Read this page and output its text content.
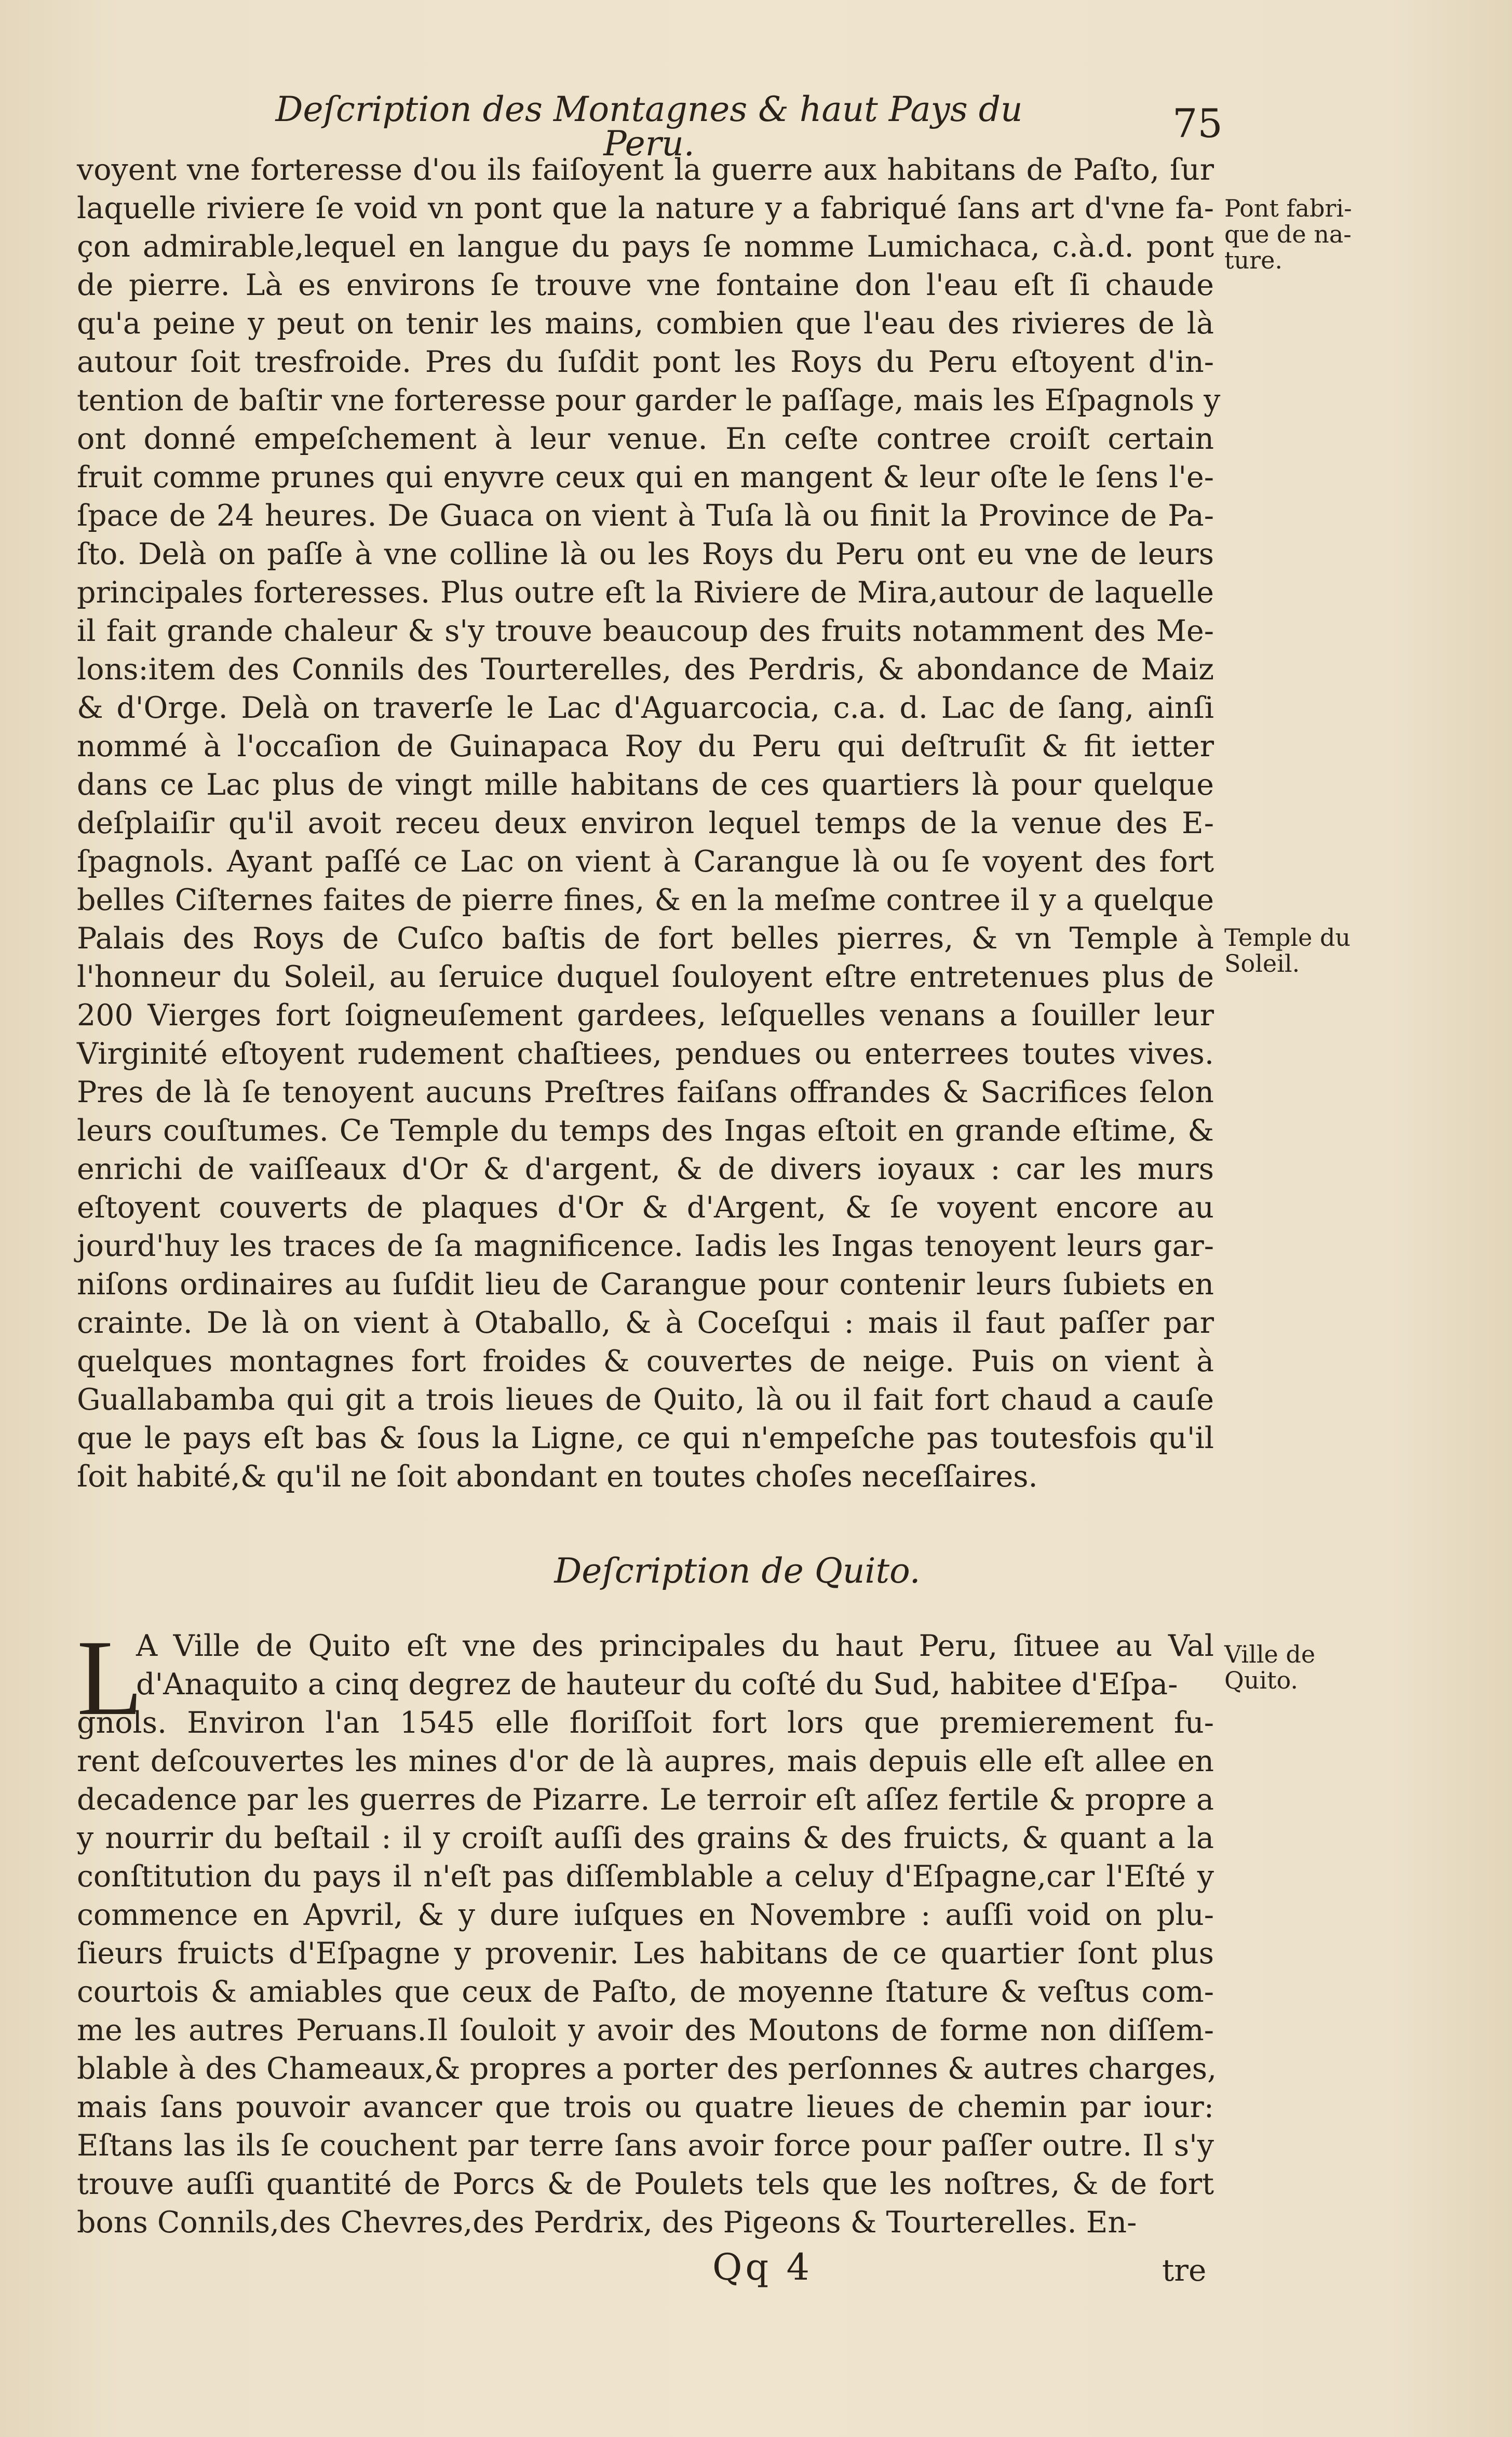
Deſcription des Montagnes & haut Pays du Peru.	75
voyent vne forteresse d'ou ils faiſoyent la guerre aux habitans de Paſto, ſur
laquelle riviere ſe void vn pont que la nature y a fabriqué ſans art d'vne fa-
çon admirable,lequel en langue du pays ſe nomme Lumichaca, c.à.d. pont
de pierre. Là es environs ſe trouve vne fontaine don l'eau eſt ſi chaude
qu'a peine y peut on tenir les mains, combien que l'eau des rivieres de là
autour ſoit tresfroide. Pres du ſuſdit pont les Roys du Peru eſtoyent d'in-
tention de baſtir vne forteresse pour garder le paſſage, mais les Eſpagnols y
ont donné empeſchement à leur venue. En ceſte contree croiſt certain
fruit comme prunes qui enyvre ceux qui en mangent & leur oſte le ſens l'e-
ſpace de 24 heures. De Guaca on vient à Tuſa là ou finit la Province de Pa-
ſto. Delà on paſſe à vne colline là ou les Roys du Peru ont eu vne de leurs
principales forteresses. Plus outre eſt la Riviere de Mira,autour de laquelle
il fait grande chaleur & s'y trouve beaucoup des fruits notamment des Me-
lons:item des Connils des Tourterelles, des Perdris, & abondance de Maiz
& d'Orge. Delà on traverſe le Lac d'Aguarcocia, c.a. d. Lac de ſang, ainſi
nommé à l'occaſion de Guinapaca Roy du Peru qui deſtruſit & fit ietter
dans ce Lac plus de vingt mille habitans de ces quartiers là pour quelque
deſplaiſir qu'il avoit receu deux environ lequel temps de la venue des E-
ſpagnols. Ayant paſſé ce Lac on vient à Carangue là ou ſe voyent des fort
belles Ciſternes faites de pierre fines, & en la meſme contree il y a quelque
Palais des Roys de Cuſco baſtis de fort belles pierres, & vn Temple à
l'honneur du Soleil, au ſeruice duquel ſouloyent eſtre entretenues plus de
200 Vierges fort ſoigneuſement gardees, leſquelles venans a ſouiller leur
Virginité eſtoyent rudement chaſtiees, pendues ou enterrees toutes vives.
Pres de là ſe tenoyent aucuns Preſtres faiſans offrandes & Sacrifices ſelon
leurs couſtumes. Ce Temple du temps des Ingas eſtoit en grande eſtime, &
enrichi de vaiſſeaux d'Or & d'argent, & de divers ioyaux : car les murs
eſtoyent couverts de plaques d'Or & d'Argent, & ſe voyent encore au
jourd'huy les traces de ſa magnificence. Iadis les Ingas tenoyent leurs gar-
niſons ordinaires au ſuſdit lieu de Carangue pour contenir leurs ſubiets en
crainte. De là on vient à Otaballo, & à Coceſqui : mais il faut paſſer par
quelques montagnes fort froides & couvertes de neige. Puis on vient à
Guallabamba qui git a trois lieues de Quito, là ou il fait fort chaud a cauſe
que le pays eſt bas & ſous la Ligne, ce qui n'empeſche pas toutesfois qu'il
ſoit habité,& qu'il ne ſoit abondant en toutes choſes neceſſaires.
Pont fabri-
que de na-
ture.
Temple du
Soleil.
Deſcription de Quito.
L
A Ville de Quito eſt vne des principales du haut Peru, ſituee au Val
d'Anaquito a cinq degrez de hauteur du coſté du Sud, habitee d'Eſpa-
gnols. Environ l'an 1545 elle floriſſoit fort lors que premierement fu-
rent deſcouvertes les mines d'or de là aupres, mais depuis elle eſt allee en
decadence par les guerres de Pizarre. Le terroir eſt aſſez fertile & propre a
y nourrir du beſtail : il y croiſt auſſi des grains & des fruicts, & quant a la
conſtitution du pays il n'eſt pas diſſemblable a celuy d'Eſpagne,car l'Eſté y
commence en Apvril, & y dure iuſques en Novembre : auſſi void on plu-
ſieurs fruicts d'Eſpagne y provenir. Les habitans de ce quartier ſont plus
courtois & amiables que ceux de Paſto, de moyenne ſtature & veſtus com-
me les autres Peruans.Il ſouloit y avoir des Moutons de forme non diſſem-
blable à des Chameaux,& propres a porter des perſonnes & autres charges,
mais ſans pouvoir avancer que trois ou quatre lieues de chemin par iour:
Eſtans las ils ſe couchent par terre ſans avoir force pour paſſer outre. Il s'y
trouve auſſi quantité de Porcs & de Poulets tels que les noſtres, & de fort
bons Connils,des Chevres,des Perdrix, des Pigeons & Tourterelles. En-
Ville de
Quito.
Qq 4	tre
